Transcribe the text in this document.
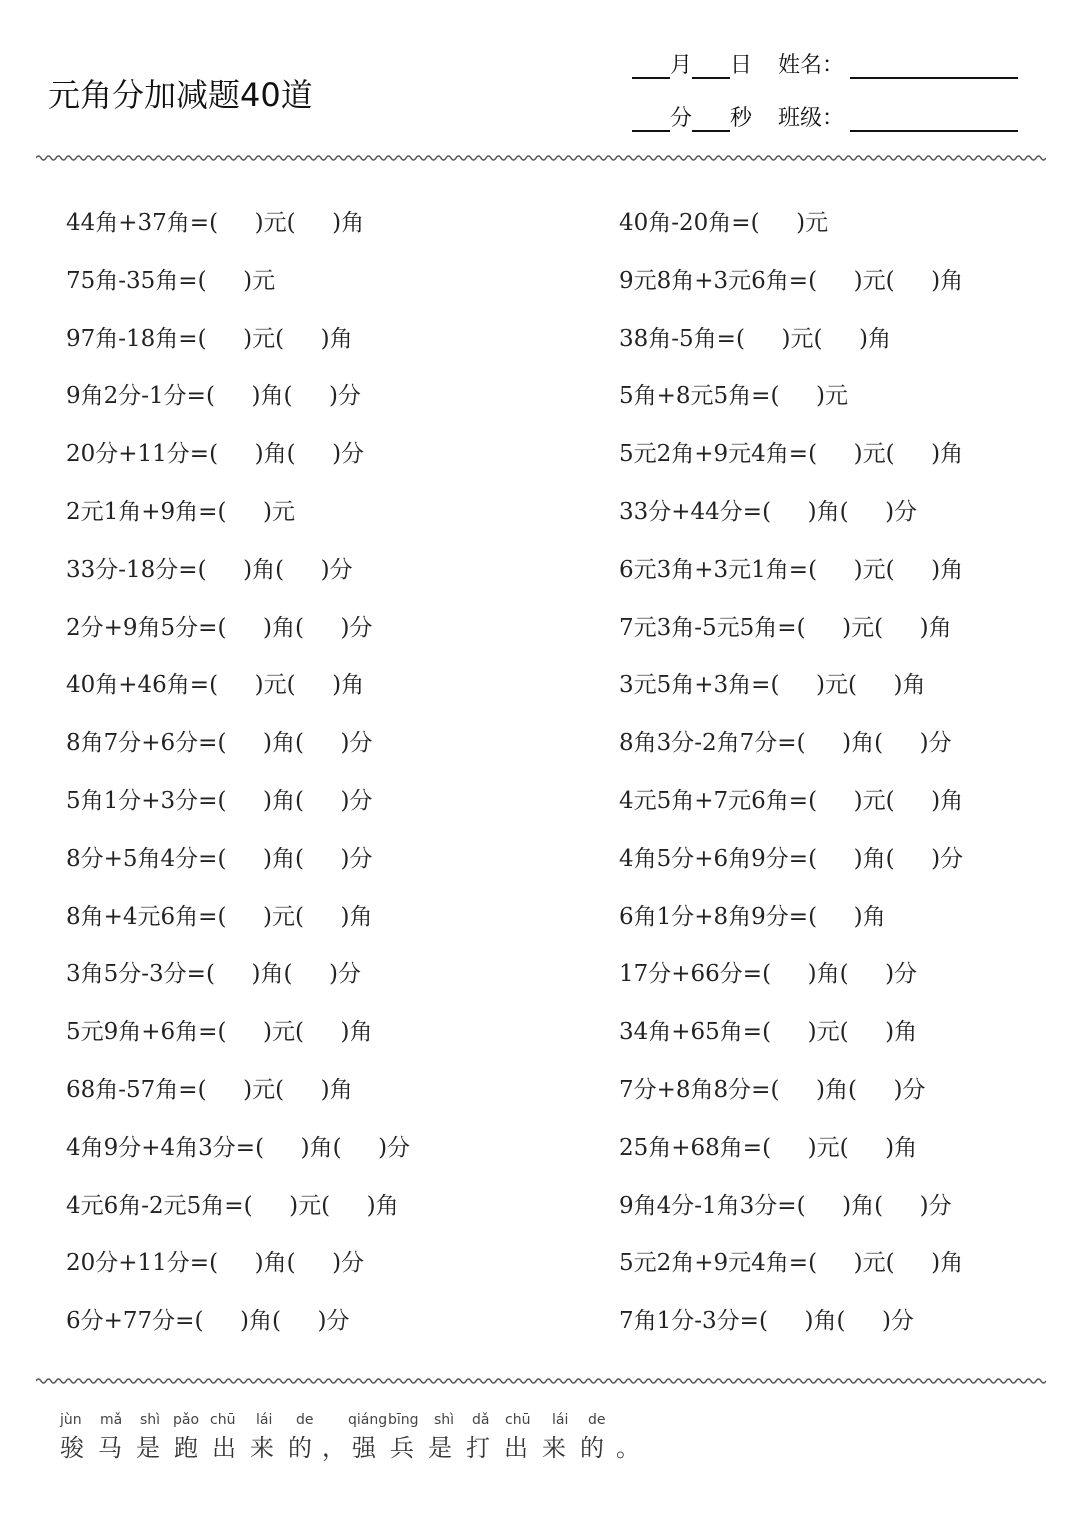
元角分加减题40道
月 日 姓名：
分 秒 班级：
44角+37角=(     )元(     )角
75角-35角=(     )元
97角-18角=(     )元(     )角
9角2分-1分=(     )角(     )分
20分+11分=(     )角(     )分
2元1角+9角=(     )元
33分-18分=(     )角(     )分
2分+9角5分=(     )角(     )分
40角+46角=(     )元(     )角
8角7分+6分=(     )角(     )分
5角1分+3分=(     )角(     )分
8分+5角4分=(     )角(     )分
8角+4元6角=(     )元(     )角
3角5分-3分=(     )角(     )分
5元9角+6角=(     )元(     )角
68角-57角=(     )元(     )角
4角9分+4角3分=(     )角(     )分
4元6角-2元5角=(     )元(     )角
20分+11分=(     )角(     )分
6分+77分=(     )角(     )分
40角-20角=(     )元
9元8角+3元6角=(     )元(     )角
38角-5角=(     )元(     )角
5角+8元5角=(     )元
5元2角+9元4角=(     )元(     )角
33分+44分=(     )角(     )分
6元3角+3元1角=(     )元(     )角
7元3角-5元5角=(     )元(     )角
3元5角+3角=(     )元(     )角
8角3分-2角7分=(     )角(     )分
4元5角+7元6角=(     )元(     )角
4角5分+6角9分=(     )角(     )分
6角1分+8角9分=(     )角
17分+66分=(     )角(     )分
34角+65角=(     )元(     )角
7分+8角8分=(     )角(     )分
25角+68角=(     )元(     )角
9角4分-1角3分=(     )角(     )分
5元2角+9元4角=(     )元(     )角
7角1分-3分=(     )角(     )分
jùn mǎ shì pǎo chū lái de qiáng bīng shì dǎ chū lái de
骏 马 是 跑 出 来 的 ， 强 兵 是 打 出 来 的 。
